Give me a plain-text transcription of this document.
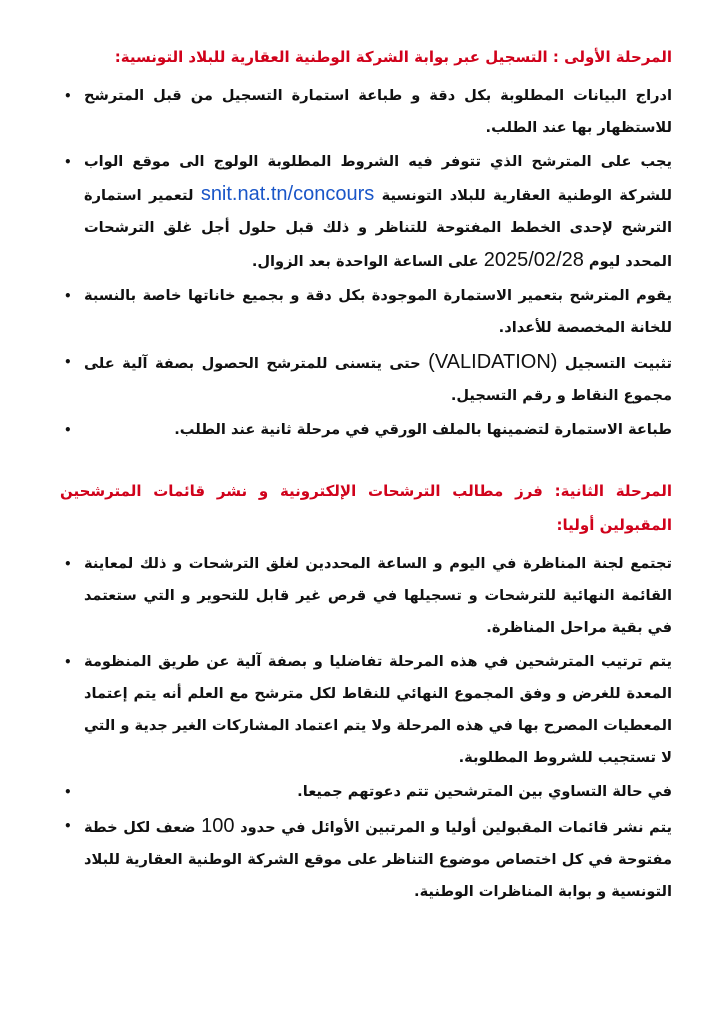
المرحلة الأولى : التسجيل عبر بوابة الشركة الوطنية العقارية للبلاد التونسية:

• ادراج البيانات المطلوبة بكل دقة و طباعة استمارة التسجيل من قبل المترشح للاستظهار بها عند الطلب.
• يجب على المترشح الذي تتوفر فيه الشروط المطلوبة الولوج الى موقع الواب للشركة الوطنية العقارية للبلاد التونسية snit.nat.tn/concours لتعمير استمارة الترشح لإحدى الخطط المفتوحة للتناظر و ذلك قبل حلول أجل غلق الترشحات المحدد ليوم 2025/02/28 على الساعة الواحدة بعد الزوال.
• يقوم المترشح بتعمير الاستمارة الموجودة بكل دقة و بجميع خاناتها خاصة بالنسبة للخانة المخصصة للأعداد.
•	تثبيت التسجيل (VALIDATION) حتى يتسنى للمترشح الحصول بصفة آلية على مجموع النقاط و رقم التسجيل.
•	طباعة الاستمارة لتضمينها بالملف الورقي في مرحلة ثانية عند الطلب.

المرحلة الثانية: فرز مطالب الترشحات الإلكترونية و نشر قائمات المترشحين المقبولين أوليا:

• تجتمع لجنة المناظرة في اليوم و الساعة المحددين لغلق الترشحات و ذلك لمعاينة القائمة النهائية للترشحات و تسجيلها في قرص غير قابل للتحوير و التي ستعتمد في بقية مراحل المناظرة.
• يتم ترتيب المترشحين في هذه المرحلة تفاضليا و بصفة آلية عن طريق المنظومة المعدة للغرض و وفق المجموع النهائي للنقاط لكل مترشح مع العلم أنه يتم إعتماد المعطيات المصرح بها في هذه المرحلة ولا يتم اعتماد المشاركات الغير جدية و التي لا تستجيب للشروط المطلوبة.
•	في حالة التساوي بين المترشحين تتم دعوتهم جميعا.
•	يتم نشر قائمات المقبولين أوليا و المرتبين الأوائل في حدود 100 ضعف لكل خطة مفتوحة في كل اختصاص موضوع التناظر على موقع الشركة الوطنية العقارية للبلاد التونسية و بوابة المناظرات الوطنية.
